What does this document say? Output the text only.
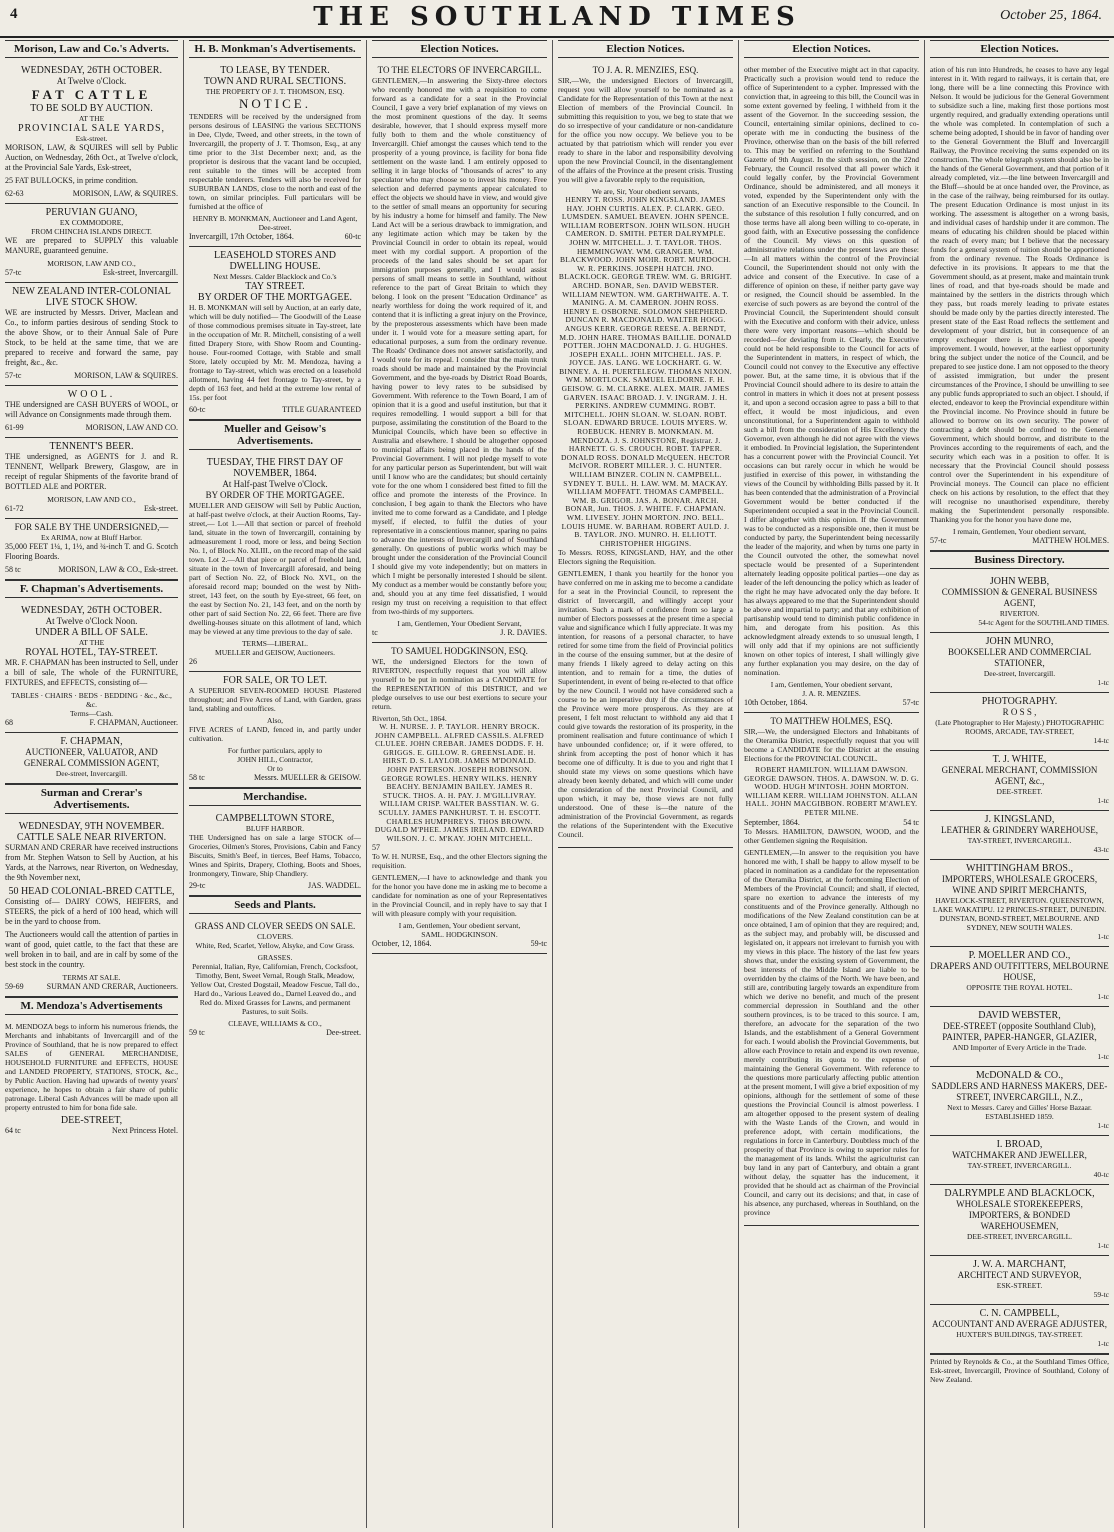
4	THE SOUTHLAND TIMES	October 25, 1864.
Morison, Law and Co.'s Adverts.
WEDNESDAY, 26TH OCTOBER.
At Twelve o'Clock.
FAT CATTLE
TO BE SOLD BY AUCTION.
AT THE
PROVINCIAL SALE YARDS,
Esk-street.

MORISON, LAW, & SQUIRES will sell by Public Auction, on Wednesday, 26th Oct., at Twelve o'clock, at the Provincial Sale Yards, Esk-street,

25 FAT BULLOCKS, in prime condition.

62-63	MORISON, LAW, & SQUIRES.
PERUVIAN GUANO,
EX COMMODORE,
FROM CHINCHA ISLANDS DIRECT.

WE are prepared to SUPPLY this valuable MANURE, guaranteed genuine.

MORISON, LAW AND CO.,
57-tc	Esk-street, Invercargill.
NEW ZEALAND INTER-COLONIAL LIVE STOCK SHOW.

WE are instructed by Messrs. Driver, Maclean and Co., to inform parties desirous of sending Stock to the above Show, or to their Annual Sale of Pure Stock, to be held at the same time, that we are prepared to receive and forward the same, pay freight, &c., &c.

57-tc	MORISON, LAW & SQUIRES.
WOOL.

THE undersigned are CASH BUYERS of WOOL, or will Advance on Consignments made through them.

61-99	MORISON, LAW AND CO.
TENNENT'S BEER.

THE undersigned, as AGENTS for J. and R. TENNENT, Wellpark Brewery, Glasgow, are in receipt of regular Shipments of the favorite brand of BOTTLED ALE and PORTER.

MORISON, LAW AND CO.,
61-72	Esk-street.
FOR SALE BY THE UNDERSIGNED,—
Ex ARIMA, now at Bluff Harbor.

35,000 FEET 1¼, 1, 1½, and ¾-inch T. and G. Scotch Flooring Boards.

58 tc	MORISON, LAW & CO., Esk-street.
F. Chapman's Advertisements.
WEDNESDAY, 26TH OCTOBER.
At Twelve o'Clock Noon.
UNDER A BILL OF SALE.
AT THE
ROYAL HOTEL, TAY-STREET.

MR. F. CHAPMAN has been instructed to Sell, under a bill of sale, The whole of the FURNITURE, FIXTURES, and EFFECTS, consisting of—

TABLES · CHAIRS · BEDS · BEDDING · &c., &c., &c.
Terms—Cash.
68	F. CHAPMAN, Auctioneer.
F. CHAPMAN,
AUCTIONEER, VALUATOR, AND GENERAL COMMISSION AGENT,
Dee-street, Invercargill.
Surman and Crerar's Advertisements.
WEDNESDAY, 9TH NOVEMBER.
CATTLE SALE NEAR RIVERTON.

SURMAN AND CRERAR have received instructions from Mr. Stephen Watson to Sell by Auction, at his Yards, at the Narrows, near Riverton, on Wednesday, the 9th November next,

50 HEAD COLONIAL-BRED CATTLE,

Consisting of— DAIRY COWS, HEIFERS, and STEERS, the pick of a herd of 100 head, which will be in the yard to choose from.

The Auctioneers would call the attention of parties in want of good, quiet cattle, to the fact that these are well broken in to bail, and are in calf by some of the best stock in the country.

TERMS AT SALE.
59-69	SURMAN AND CRERAR, Auctioneers.
M. Mendoza's Advertisements

M. MENDOZA begs to inform his numerous friends, the Merchants and inhabitants of Invercargill and of the Province of Southland, that he is now prepared to effect SALES of GENERAL MERCHANDISE, HOUSEHOLD FURNITURE and EFFECTS, HOUSE and LANDED PROPERTY, STATIONS, STOCK, &c., by Public Auction. Having had upwards of twenty years' experience, he hopes to obtain a fair share of public patronage. Liberal Cash Advances will be made upon all property entrusted to him for bona fide sale.

DEE-STREET,
64 tc	Next Princess Hotel.
H. B. Monkman's Advertisements.
TO LEASE, BY TENDER.
TOWN AND RURAL SECTIONS.
THE PROPERTY OF J. T. THOMSON, ESQ.
NOTICE.

TENDERS will be received by the undersigned from persons desirous of LEASING the various SECTIONS in Dee, Clyde, Tweed, and other streets, in the town of Invercargill, the property of J. T. Thomson, Esq., at any time prior to the 31st December next; and, as the proprietor is desirous that the vacant land be occupied, rent suitable to the times will be accepted from respectable tenderers. Tenders will also be received for SUBURBAN LANDS, close to the north and east of the town, on similar principles. Full particulars will be furnished at the office of

HENRY B. MONKMAN, Auctioneer and Land Agent, Dee-street.
Invercargill, 17th October, 1864.	60-tc
LEASEHOLD STORES AND DWELLING HOUSE.
Next Messrs. Calder Blacklock and Co.'s
TAY STREET.
BY ORDER OF THE MORTGAGEE.

H. B. MONKMAN will sell by Auction, at an early date, which will be duly notified— The Goodwill of the Lease of those commodious premises situate in Tay-street, late in the occupation of Mr. R. Mitchell, consisting of a well fitted Drapery Store, with Show Room and Counting-house. Four-roomed Cottage, with Stable and small Store, lately occupied by Mr. M. Mendoza, having a frontage to Tay-street, which was erected on a leasehold allotment, having 44 feet frontage to Tay-street, by a depth of 163 feet, and held at the extreme low rental of 15s. per foot

60-tc	TITLE GUARANTEED
Mueller and Geisow's Advertisements.
TUESDAY, THE FIRST DAY OF NOVEMBER, 1864.
At Half-past Twelve o'Clock.
BY ORDER OF THE MORTGAGEE.

MUELLER AND GEISOW will Sell by Public Auction, at half-past twelve o'clock, at their Auction Rooms, Tay-street,— Lot 1.—All that section or parcel of freehold land, situate in the town of Invercargill, containing by admeasurement 1 rood, more or less, and being Section No. 1, of Block No. XLIII., on the record map of the said town. Lot 2.—All that piece or parcel of freehold land, situate in the town of Invercargill aforesaid, and being part of Section No. 22, of Block No. XVI., on the aforesaid record map; bounded on the west by Nith-street, 143 feet, on the south by Eye-street, 66 feet, on the east by Section No. 21, 143 feet, and on the north by other part of said Section No. 22, 66 feet. There are five dwelling-houses situate on this allotment of land, which may be viewed at any time previous to the day of sale.

TERMS—LIBERAL.
MUELLER and GEISOW, Auctioneers.
26
FOR SALE, OR TO LET.

A SUPERIOR SEVEN-ROOMED HOUSE Plastered throughout; and Five Acres of Land, with Garden, grass land, stabling and outoffices.

Also,

FIVE ACRES of LAND, fenced in, and partly under cultivation.

For further particulars, apply to
JOHN HILL, Contractor,
Or to
58 tc	Messrs. MUELLER & GEISOW.
Merchandise.
CAMPBELLTOWN STORE,
BLUFF HARBOR.

THE Undersigned has on sale a large STOCK of— Groceries, Oilmen's Stores, Provisions, Cabin and Fancy Biscuits, Smith's Beef, in tierces, Beef Hams, Tobacco, Wines and Spirits, Drapery, Clothing, Boots and Shoes, Ironmongery, Tinware, Ship Chandlery.

29-tc	JAS. WADDEL.
Seeds and Plants.
GRASS AND CLOVER SEEDS ON SALE.
CLOVERS.

White, Red, Scarlet, Yellow, Alsyke, and Cow Grass.

GRASSES.

Perennial, Italian, Rye, Californian, French, Cocksfoot, Timothy, Bent, Sweet Vernal, Rough Stalk, Meadow, Yellow Oat, Crested Dogstail, Meadow Fescue, Tall do., Hard do., Various Leaved do., Darnel Leaved do., and Red do. Mixed Grasses for Lawns, and permanent Pastures, to suit Soils.

CLEAVE, WILLIAMS & CO.,
59 tc	Dee-street.
Election Notices.
TO THE ELECTORS OF INVERCARGILL.

GENTLEMEN,—In answering the Sixty-three electors who recently honored me with a requisition to come forward as a candidate for a seat in the Provincial Council, I gave a very brief explanation of my views on the most prominent questions of the day. It seems desirable, however, that I should express myself more fully both to them and the whole constituency of Invercargill. Chief amongst the causes which tend to the prosperity of a young province, is facility for bona fide settlement on the waste land. I am entirely opposed to selling it in large blocks of "thousands of acres" to any speculator who may choose so to invest his money. Free selection and deferred payments appear calculated to effect the objects we should have in view, and would give to the settler of small means an opportunity for securing by his industry a home for himself and family. The New Land Act will be a serious drawback to immigration, and any legitimate action which may be taken by the Provincial Council in order to obtain its repeal, would meet with my cordial support. A proportion of the proceeds of the land sales should be set apart for immigration purposes generally, and I would assist persons of small means to settle in Southland, without reference to the part of Great Britain to which they belong. I look on the present "Education Ordinance" as nearly worthless for doing the work required of it, and contend that it is inflicting a great injury on the Province, by the preposterous assessments which have been made under it. I would vote for a measure setting apart, for educational purposes, a sum from the ordinary revenue. The Roads' Ordinance does not answer satisfactorily, and I would vote for its repeal. I consider that the main trunk roads should be made and maintained by the Provincial Government, and the bye-roads by District Road Boards, having power to levy rates to be subsidised by Government. With reference to the Town Board, I am of opinion that it is a good and useful institution, but that it requires remodelling. I would support a bill for that purpose, assimilating the constitution of the Board to the Municipal Councils, which have been so effective in Australia and elsewhere. I should be altogether opposed to municipal affairs being placed in the hands of the Provincial Government. I will not pledge myself to vote for any particular person as Superintendent, but will wait until I know who are the candidates; but should certainly vote for the one whom I considered best fitted to fill the office and promote the interests of the Province. In conclusion, I beg again to thank the Electors who have invited me to come forward as a Candidate, and I pledge myself, if elected, to fulfil the duties of your representative in a conscientious manner, sparing no pains to advance the interests of Invercargill and of Southland generally. On questions of public works which may be brought under the consideration of the Provincial Council I should give my vote independently; but on matters in which I might be personally interested I should be silent. My conduct as a member would be constantly before you; and, should you at any time feel dissatisfied, I would resign my trust on receiving a requisition to that effect from two-thirds of my supporters.

I am, Gentlemen, Your Obedient Servant,
tc	J. R. DAVIES.
TO SAMUEL HODGKINSON, ESQ.

WE, the undersigned Electors for the town of RIVERTON, respectfully request that you will allow yourself to be put in nomination as a CANDIDATE for the REPRESENTATION of this DISTRICT, and we pledge ourselves to use our best exertions to secure your return.

Riverton, 5th Oct., 1864.
W. H. NURSE. J. P. TAYLOR. HENRY BROCK. JOHN CAMPBELL. ALFRED CASSILS. ALFRED CLULEE. JOHN CREBAR. JAMES DODDS. F. H. GRIGGS. E. GILLOW. R. GREENSLADE. H. HIRST. D. S. LAYLOR. JAMES M'DONALD. JOHN PATTERSON. JOSEPH ROBINSON. GEORGE ROWLES. HENRY WILKS. HENRY BEACHY. BENJAMIN BAILEY. JAMES R. STUCK. THOS. A. H. PAY. J. M'GILLIVRAY. WILLIAM CRISP. WALTER BASSTIAN. W. G. SCULLY. JAMES PANKHURST. T. H. ESCOTT. CHARLES HUMPHREYS. THOS BROWN. DUGALD M'PHEE. JAMES IRELAND. EDWARD WILSON. J. C. M'KAY. JOHN MITCHELL.
57

To W. H. NURSE, Esq., and the other Electors signing the requisition.

GENTLEMEN,—I have to acknowledge and thank you for the honor you have done me in asking me to become a candidate for nomination as one of your Representatives in the Provincial Council, and in reply have to say that I will with pleasure comply with your requisition.

I am, Gentlemen, Your obedient servant,
SAML. HODGKINSON.
October, 12, 1864.	59-tc
Election Notices.
TO J. A. R. MENZIES, ESQ.

SIR,—We, the undersigned Electors of Invercargill, request you will allow yourself to be nominated as a Candidate for the Representation of this Town at the next Election of members of the Provincial Council. In submitting this requisition to you, we beg to state that we do so irrespective of your candidature or non-candidature for the office you now occupy. We believe you to be actuated by that patriotism which will render you ever ready to share in the labor and responsibility devolving upon the new Provincial Council, in the disentanglement of the affairs of the Province at the present crisis. Trusting you will give a favorable reply to the requisition,

We are, Sir, Your obedient servants,
HENRY T. ROSS. JOHN KINGSLAND. JAMES HAY. JOHN CURTIS. ALEX. P. CLARK. GEO. LUMSDEN. SAMUEL BEAVEN. JOHN SPENCE. WILLIAM ROBERTSON. JOHN WILSON. HUGH CAMERON. D. SMITH. PETER DALRYMPLE. JOHN W. MITCHELL. J. T. TAYLOR. THOS. HEMMINGWAY. WM. GRANGER. WM. BLACKWOOD. JOHN MOIR. ROBT. MURDOCH. W. R. PERKINS. JOSEPH HATCH. JNO. BLACKLOCK. GEORGE TREW. WM. G. BRIGHT. ARCHD. BONAR, Sen. DAVID WEBSTER. WILLIAM NEWTON. WM. GARTHWAITE. A. T. MANING. A. M. CAMERON. JOHN ROSS. HENRY E. OSBORNE. SOLOMON SHEPHERD. DUNCAN R. MACDONALD. WALTER HOGG. ANGUS KERR. GEORGE REESE. A. BERNDT, M.D. JOHN HARE. THOMAS BAILLIE. DONALD POTTER. JOHN MACDONALD. J. G. HUGHES. JOSEPH EXALL. JOHN MITCHELL. JAS. P. JOYCE. JAS. LANG. WE LOCKHART. G. W. BINNEY. A. H. PUERTELEGW. THOMAS NIXON. WM. MORTLOCK. SAMUEL ELDORNE. F. H. GEISOW. G. M. CLARKE. ALEX. MAIR. JAMES GARVEN. ISAAC BROAD. J. V. INGRAM. J. H. PERKINS. ANDREW CUMMING. ROBT. MITCHELL. JOHN SLOAN. W. SLOAN. ROBT. SLOAN. EDWARD BRUCE. LOUIS MYERS. W. ROEBUCK. HENRY B. MONKMAN. M. MENDOZA. J. S. JOHNSTONE, Registrar. J. HARNETT. G. S. CROUCH. ROBT. TAPPER. DONALD ROSS. DONALD McQUEEN. HECTOR McIVOR. ROBERT MILLER. J. C. HUNTER. WILLIAM BINZER. COLIN N. CAMPBELL. SYDNEY T. BULL. H. LAW. WM. M. MACKAY. WILLIAM MOFFATT. THOMAS CAMPBELL. WM. B. GRIGOR. JAS. A. BONAR. ARCH. BONAR, Jun. THOS. J. WHITE. F. CHAPMAN. WM. LIVESEY. JOHN MORTON. JNO. BELL. LOUIS HUME. W. BARHAM. ROBERT AULD. J. B. TAYLOR. JNO. MUNRO. H. ELLIOTT. CHRISTOPHER HIGGINS.

To Messrs. ROSS, KINGSLAND, HAY, and the other Electors signing the Requisition.

GENTLEMEN, I thank you heartily for the honor you have conferred on me in asking me to become a candidate for a seat in the Provincial Council, to represent the district of Invercargill, and willingly accept your invitation. Such a mark of confidence from so large a number of Electors possesses at the present time a special value and significance which I fully appreciate. It was my intention, for reasons of a personal character, to have retired for some time from the field of Provincial politics in the course of the ensuing summer, but at the desire of many friends I likely agreed to delay acting on this intention, and to remain for a time, the duties of Superintendent, in event of being re-elected to that office by the new Council. I would not have considered such a course to be an imperative duty if the circumstances of the Province were more prosperous. As they are at present, I felt most reluctant to withhold any aid that I could give towards the restoration of its prosperity, in the prominent realisation and future continuance of which I have unbounded confidence; or, if it were offered, to shrink from accepting the post of honor which it has become one of difficulty. It is due to you and right that I should state my views on some questions which have already been keenly debated, and which will come under the consideration of the next Provincial Council, and upon which, it may be, those views are not fully understood. One of these is—the nature of the administration of the Provincial Government, as regards the relations of the Superintendent with the Executive Council.

Election Notices.

other member of the Executive might act in that capacity. Practically such a provision would tend to reduce the office of Superintendent to a cypher. Impressed with the conviction that, in agreeing to this bill, the Council was in some extent governed by feeling, I withheld from it the assent of the Governor. In the succeeding session, the Council, entertaining similar opinions, declined to co-operate with me in conducting the business of the Province, otherwise than on the basis of the bill referred to. This may be verified on referring to the Southland Gazette of 9th August. In the sixth session, on the 22nd February, the Council resolved that all power which it could legally confer, by the Provincial Government Ordinance, should be administered, and all moneys it voted, expended by the Superintendent only with the sanction of an Executive responsible to the Council. In the substance of this resolution I fully concurred, and on those terms have all along been willing to co-operate, in good faith, with an Executive possessing the confidence of the Council. My views on this question of administrative relations under the present laws are these:—In all matters within the control of the Provincial Council, the Superintendent should not only with the advice and consent of the Executive. In case of a difference of opinion on these, if neither party gave way or resigned, the Council should be assembled. In the exercise of such powers as are beyond the control of the Provincial Council, the Superintendent should consult with the Executive and conform with their advice, unless there were very important reasons—which should be recorded—for deviating from it. Clearly, the Executive could not be held responsible to the Council for acts of the Superintendent in matters, in respect of which, the Council could not convey to the Executive any effective power. But, at the same time, it is obvious that if the Provincial Council should adhere to its desire to attain the control in matters in which it does not at present possess it, and upon a second occasion agree to pass a bill to that effect, it would be most injudicious, and even unconstitutional, for a Superintendent again to withhold such a bill from the consideration of His Excellency the Governor, even although he did not agree with the views it embodied. In Provincial legislation, the Superintendent has a concurrent power with the Provincial Council. Yet occasions can but rarely occur in which he would be justified in exercise of this power, in withstanding the views of the Council by withholding Bills passed by it. It has been contended that the administration of a Provincial Government would be better conducted if the Superintendent occupied a seat in the Provincial Council. I differ altogether with this opinion. If the Government was to be conducted as a responsible one, then it must be conducted by party, the Superintendent being necessarily the leader of the majority, and when by turns one party in the Council outvoted the other, the somewhat novel spectacle would be presented of a Superintendent alternately leading opposite political parties—one day as leader of the left denouncing the policy which as leader of the right he may have advocated only the day before. It has always appeared to me that the Superintendent should be above and impartial to party; and that any exhibition of partisanship would tend to diminish public confidence in him, and derogate from his position. As this acknowledgment already extends to so unusual length, I will only add that if my opinions are not sufficiently known on other topics of interest, I shall willingly give any further explanation you may desire, on the day of nomination.

I am, Gentlemen, Your obedient servant,
J. A. R. MENZIES.
10th October, 1864.	57-tc
TO MATTHEW HOLMES, ESQ.

SIR,—We, the undersigned Electors and Inhabitants of the Oteramika District, respectfully request that you will become a CANDIDATE for the District at the ensuing Elections for the PROVINCIAL COUNCIL.

ROBERT HAMILTON. WILLIAM DAWSON. GEORGE DAWSON. THOS. A. DAWSON. W. D. G. WOOD. HUGH M'INTOSH. JOHN MORTON. WILLIAM KERR. WILLIAM JOHNSTON. ALLAN HALL. JOHN MACGIBBON. ROBERT M'AWLEY. PETER MILNE.
September, 1864.	54 tc

To Messrs. HAMILTON, DAWSON, WOOD, and the other Gentlemen signing the Requisition.

GENTLEMEN,—In answer to the requisition you have honored me with, I shall be happy to allow myself to be placed in nomination as a candidate for the representation of the Oteramika District, at the forthcoming Election of Members of the Provincial Council; and shall, if elected, spare no exertion to advance the interests of my constituents and of the Province generally. Although no modifications of the New Zealand constitution can be at once obtained, I am of opinion that they are required; and, as the subject may, and probably will, be discussed and legislated on, it appears not irrelevant to furnish you with my views in this place. The history of the last few years shows that, under the existing system of Government, the best interests of the Middle Island are liable to be overridden by the claims of the North. We have been, and still are, contributing largely towards an expenditure from which we derive no benefit, and much of the present commercial depression in Southland and the other southern provinces, is to be traced to this source. I am, therefore, an advocate for the separation of the two Islands, and the establishment of a General Government for each. I would abolish the Provincial Governments, but allow each Province to retain and expend its own revenue, merely contributing its quota to the expense of maintaining the General Government. With reference to the questions more particularly affecting public attention at the present moment, I will give a brief exposition of my opinions, although for the settlement of some of these questions the Provincial Council is almost powerless. I am altogether opposed to the present system of dealing with the Waste Lands of the Crown, and would in preference adopt, with certain modifications, the regulations in force in Canterbury. Doubtless much of the prosperity of that Province is owing to superior rules for the management of its lands. Whilst the agriculturist can buy land in any part of Canterbury, and obtain a grant without delay, the squatter has the inducement, it provided that he should act as chairman of the Provincial Council, and carry out its decisions; and that, in case of his absence, any purchased, whereas in Southland, on the province

Election Notices.

ation of his run into Hundreds, he ceases to have any legal interest in it. With regard to railways, it is certain that, ere long, there will be a line connecting this Province with Nelson. It would be judicious for the General Government to subsidize such a line, making first those portions most urgently required, and gradually extending operations until the whole was completed. In contemplation of such a scheme being adopted, I should be in favor of handing over to the General Government the Bluff and Invercargill Railway, the Province receiving the sums expended on its construction. The whole telegraph system should also be in the hands of the General Government, and that portion of it already completed, viz.—the line between Invercargill and the Bluff—should be at once handed over, the Province, as in the case of the railway, being reimbursed for its outlay. The present Education Ordinance is most unjust in its working. The assessment is altogether on a wrong basis, and individual cases of hardship under it are common. The means of educating his children should be placed within the reach of every man; but I believe that the necessary funds for a general system of tuition should be apportioned from the ordinary revenue. The Roads Ordinance is defective in its provisions. It appears to me that the Government should, as at present, make and maintain trunk lines of road, and that bye-roads should be made and maintained by the settlers in the districts through which they pass, but roads merely leading to private estates should be made only by the parties directly interested. The present state of the East Road reflects the settlement and development of your district, but in consequence of an empty exchequer there is little hope of speedy improvement. I would, however, at the earliest opportunity bring the subject under the notice of the Council, and be prepared to see justice done. I am not opposed to the theory of assisted immigration, but under the present circumstances of the Province, I should be unwilling to see any public funds appropriated to such an object. I should, if elected, endeavor to keep the Provincial expenditure within the Provincial income. No Province should in future be allowed to borrow on its own security. The power of contracting a debt should be confined to the General Government, which should borrow, and distribute to the Provinces according to the requirements of each, and the security which each was in a position to offer. It is necessary that the Provincial Council should possess control over the Superintendent in his expenditure of Provincial moneys. The Council can place no efficient check on his actions by resolution, to the effect that they will recognise no unauthorised expenditure, thereby making the Superintendent personally responsible. Thanking you for the honor you have done me,

I remain, Gentlemen, Your obedient servant,
57-tc	MATTHEW HOLMES.
Business Directory.
JOHN WEBB,
COMMISSION & GENERAL BUSINESS AGENT,
RIVERTON.
54-tc Agent for the SOUTHLAND TIMES.
JOHN MUNRO,
BOOKSELLER AND COMMERCIAL STATIONER,
Dee-street, Invercargill.
1-tc
PHOTOGRAPHY.
R O S S ,
(Late Photographer to Her Majesty.) PHOTOGRAPHIC ROOMS, ARCADE, TAY-STREET,
14-tc
T. J. WHITE,
GENERAL MERCHANT, COMMISSION AGENT, &c.,
DEE-STREET.
1-tc
J. KINGSLAND,
LEATHER & GRINDERY WAREHOUSE,
TAY-STREET, INVERCARGILL.
43-tc
WHITTINGHAM BROS.,
IMPORTERS, WHOLESALE GROCERS, WINE AND SPIRIT MERCHANTS,
HAVELOCK-STREET, RIVERTON. QUEENSTOWN, LAKE WAKATIPU. 12 PRINCES-STREET, DUNEDIN. DUNSTAN, BOND-STREET, MELBOURNE. AND SYDNEY, NEW SOUTH WALES.
1-tc
P. MOELLER AND CO.,
DRAPERS AND OUTFITTERS, MELBOURNE HOUSE,
OPPOSITE THE ROYAL HOTEL.
1-tc
DAVID WEBSTER,
DEE-STREET (opposite Southland Club), PAINTER, PAPER-HANGER, GLAZIER,
AND Importer of Every Article in the Trade.
1-tc
McDONALD & CO.,
SADDLERS AND HARNESS MAKERS, DEE-STREET, INVERCARGILL, N.Z.,
Next to Messrs. Carey and Gilles' Horse Bazaar. ESTABLISHED 1859.
1-tc
I. BROAD,
WATCHMAKER AND JEWELLER,
TAY-STREET, INVERCARGILL.
40-tc
DALRYMPLE AND BLACKLOCK,
WHOLESALE STOREKEEPERS, IMPORTERS, & BONDED WAREHOUSEMEN,
DEE-STREET, INVERCARGILL.
1-tc
J. W. A. MARCHANT,
ARCHITECT AND SURVEYOR,
ESK-STREET.
59-tc
C. N. CAMPBELL,
ACCOUNTANT AND AVERAGE ADJUSTER,
HUXTER'S BUILDINGS, TAY-STREET.
1-tc
Printed by Reynolds & Co., at the Southland Times Office, Esk-street, Invercargill, Province of Southland, Colony of New Zealand.
